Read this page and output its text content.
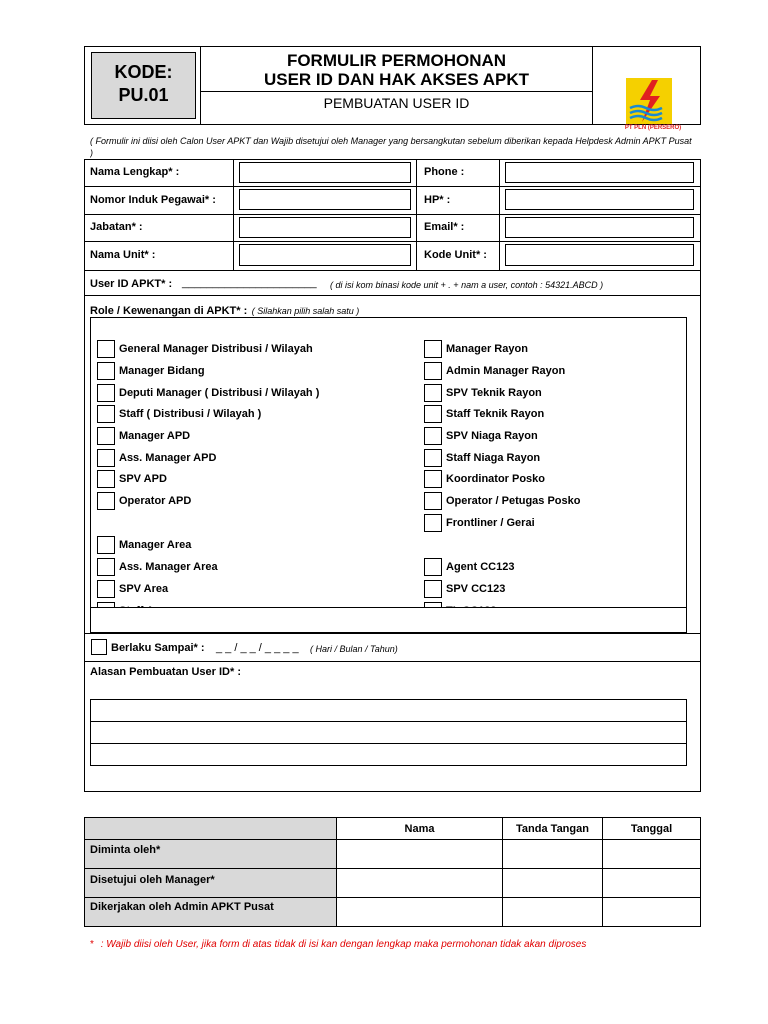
KODE:
PU.01
FORMULIR PERMOHONAN
USER ID DAN HAK AKSES APKT
PEMBUATAN USER ID
PT PLN (PERSERO)
( Formulir ini diisi oleh Calon User APKT dan Wajib disetujui oleh Manager yang bersangkutan sebelum diberikan kepada Helpdesk Admin APKT Pusat )
Nama Lengkap* :	Phone :
Nomor Induk Pegawai* :	HP* :
Jabatan* :	Email* :
Nama Unit* :	Kode Unit* :
User ID APKT* : ______________________ ( di isi kom binasi kode unit + . + nam a user, contoh : 54321.ABCD )
Role / Kewenangan di APKT* : ( Silahkan pilih salah satu )
General Manager Distribusi / Wilayah
Manager Bidang
Deputi Manager ( Distribusi / Wilayah )
Staff ( Distribusi / Wilayah )
Manager APD
Ass. Manager APD
SPV APD
Operator APD
Manager Area
Ass. Manager Area
SPV Area
Manager Rayon
Admin Manager Rayon
SPV Teknik Rayon
Staff Teknik Rayon
SPV Niaga Rayon
Staff Niaga Rayon
Koordinator Posko
Operator / Petugas Posko
Frontliner / Gerai
Agent CC123
SPV CC123
Berlaku Sampai* : _ _ / _ _ / _ _ _ _ ( Hari / Bulan / Tahun)
Alasan Pembuatan User ID* :
	Nama	Tanda Tangan	Tanggal
Diminta oleh*			
Disetujui oleh Manager*			
Dikerjakan oleh Admin APKT Pusat			
* : Wajib diisi oleh User, jika form di atas tidak di isi kan dengan lengkap maka permohonan tidak akan diproses
